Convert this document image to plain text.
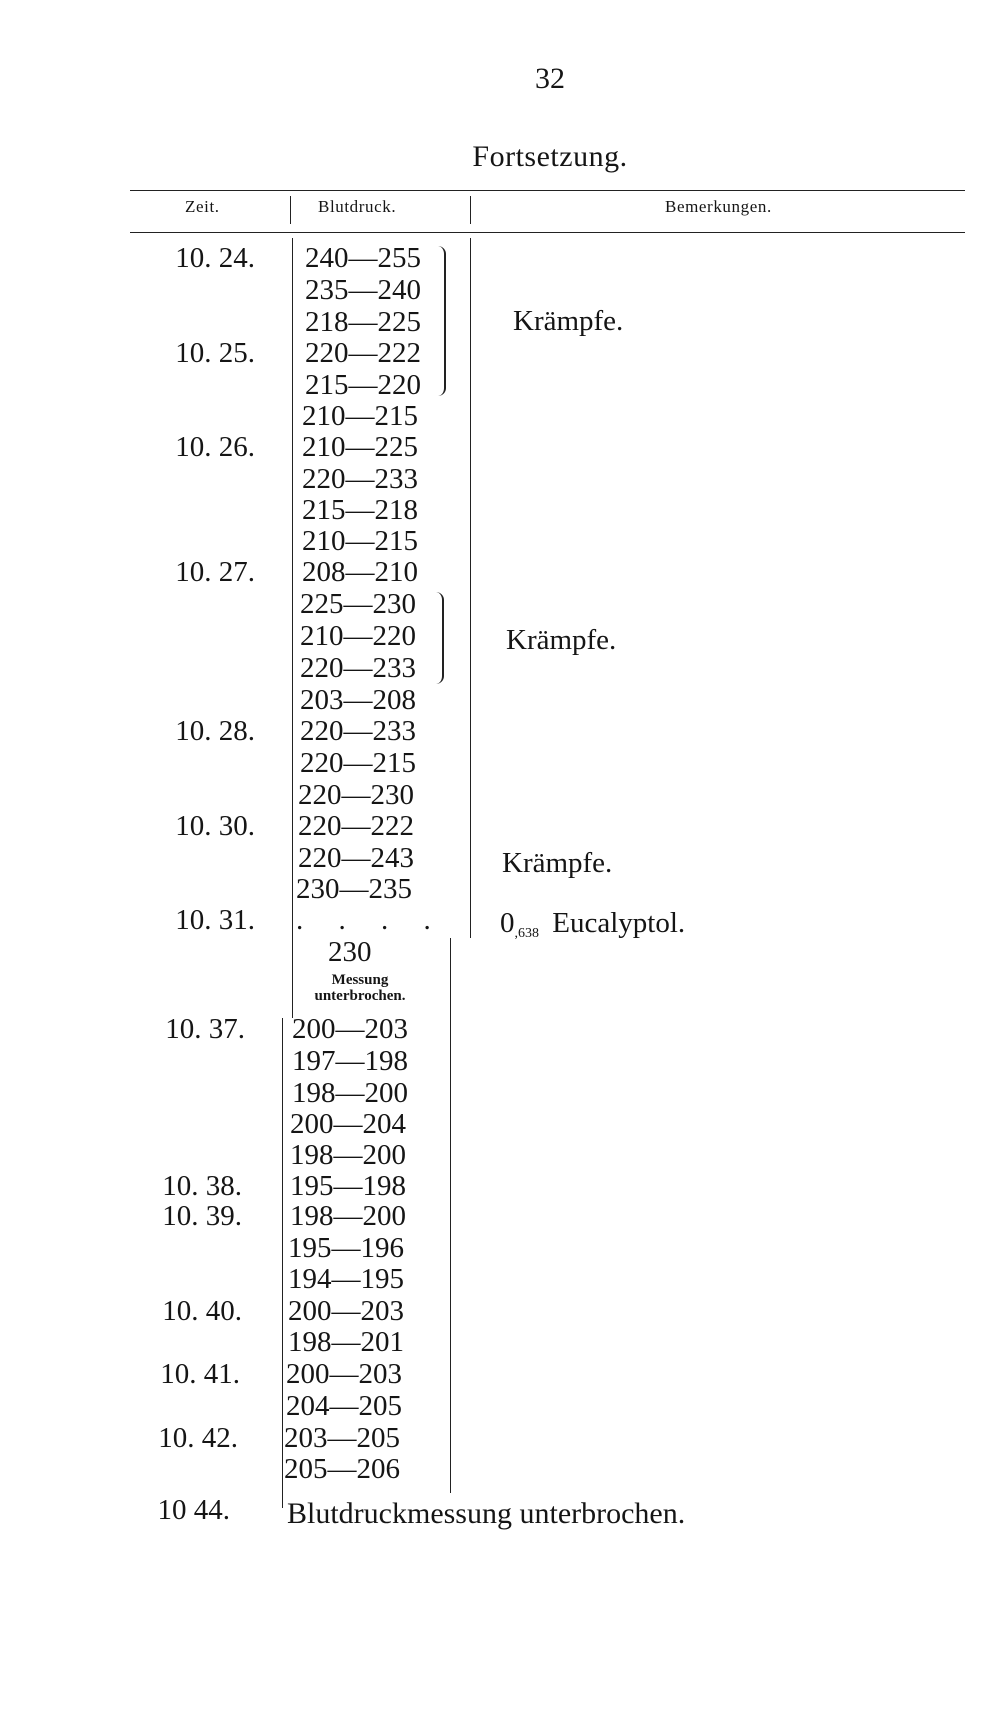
32
Fortsetzung.
Zeit.	Blutdruck.	Bemerkungen.
10. 24.
10. 25.
10. 26.
10. 27.
10. 28.
10. 30.
10. 31.
10. 37.
10. 38.
10. 39.
10. 40.
10. 41.
10. 42.
10 44.
240—255
235—240
218—225
220—222
215—220
210—215
210—225
220—233
215—218
210—215
208—210
225—230
210—220
220—233
203—208
220—233
220—215
220—230
220—222
220—243
230—235
. . . .
230
Messung
unterbrochen.
200—203
197—198
198—200
200—204
198—200
195—198
198—200
195—196
194—195
200—203
198—201
200—203
204—205
203—205
205—206
Krämpfe.
Krämpfe.
Krämpfe.
$0_{,638}$ Eucalyptol.
Blutdruckmessung unterbrochen.
